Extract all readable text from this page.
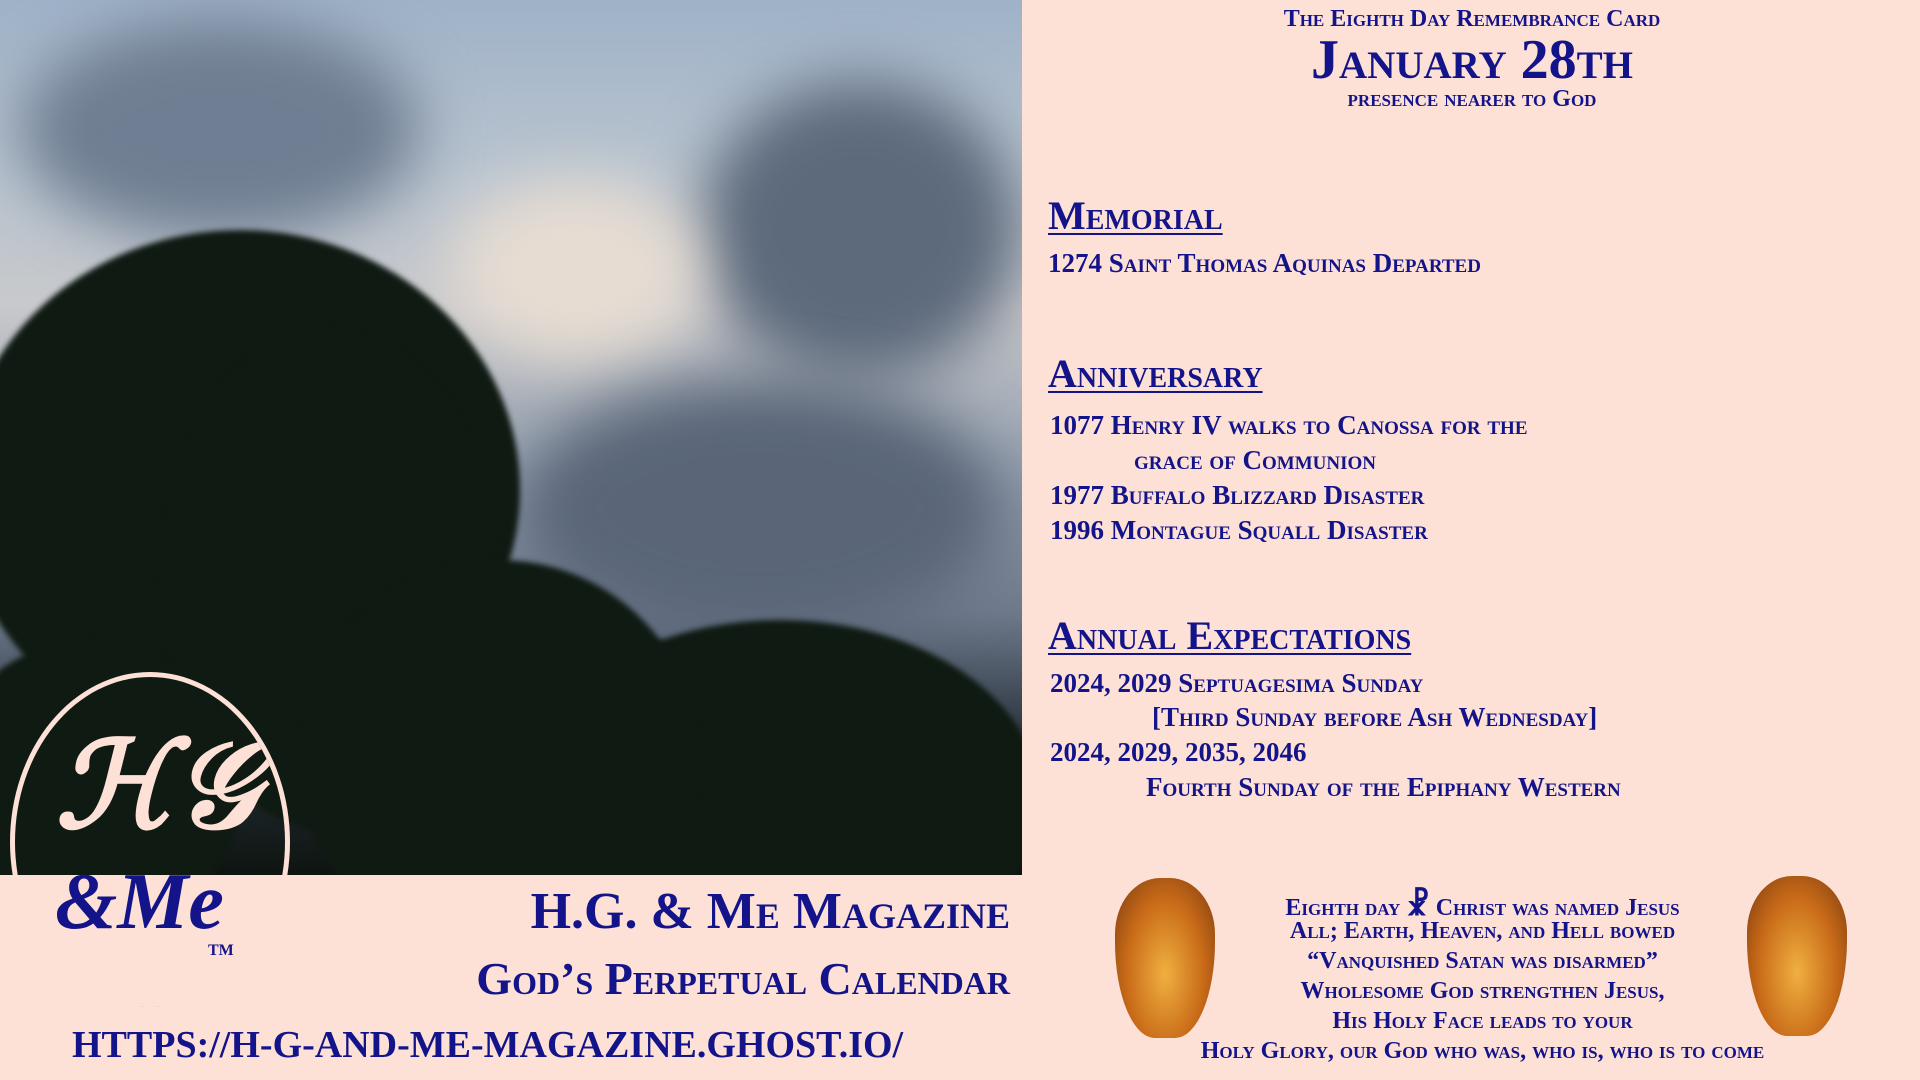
ℋ𝒢
&Me
TM
H.G. & Me Magazine
God’s Perpetual Calendar
HTTPS://H-G-AND-ME-MAGAZINE.GHOST.IO/
The Eighth Day Remembrance Card
January 28th
presence nearer to God
Memorial
1274 Saint Thomas Aquinas Departed
Anniversary
1077 Henry IV walks to Canossa for the
grace of Communion
1977 Buffalo Blizzard Disaster
1996 Montague Squall Disaster
Annual Expectations
2024, 2029 Septuagesima Sunday
[Third Sunday before Ash Wednesday]
2024, 2029, 2035, 2046
Fourth Sunday of the Epiphany Western
Eighth day ☧ Christ was named Jesus
All; Earth, Heaven, and Hell bowed
“Vanquished Satan was disarmed”
Wholesome God strengthen Jesus,
His Holy Face leads to your
Holy Glory, our God who was, who is, who is to come
